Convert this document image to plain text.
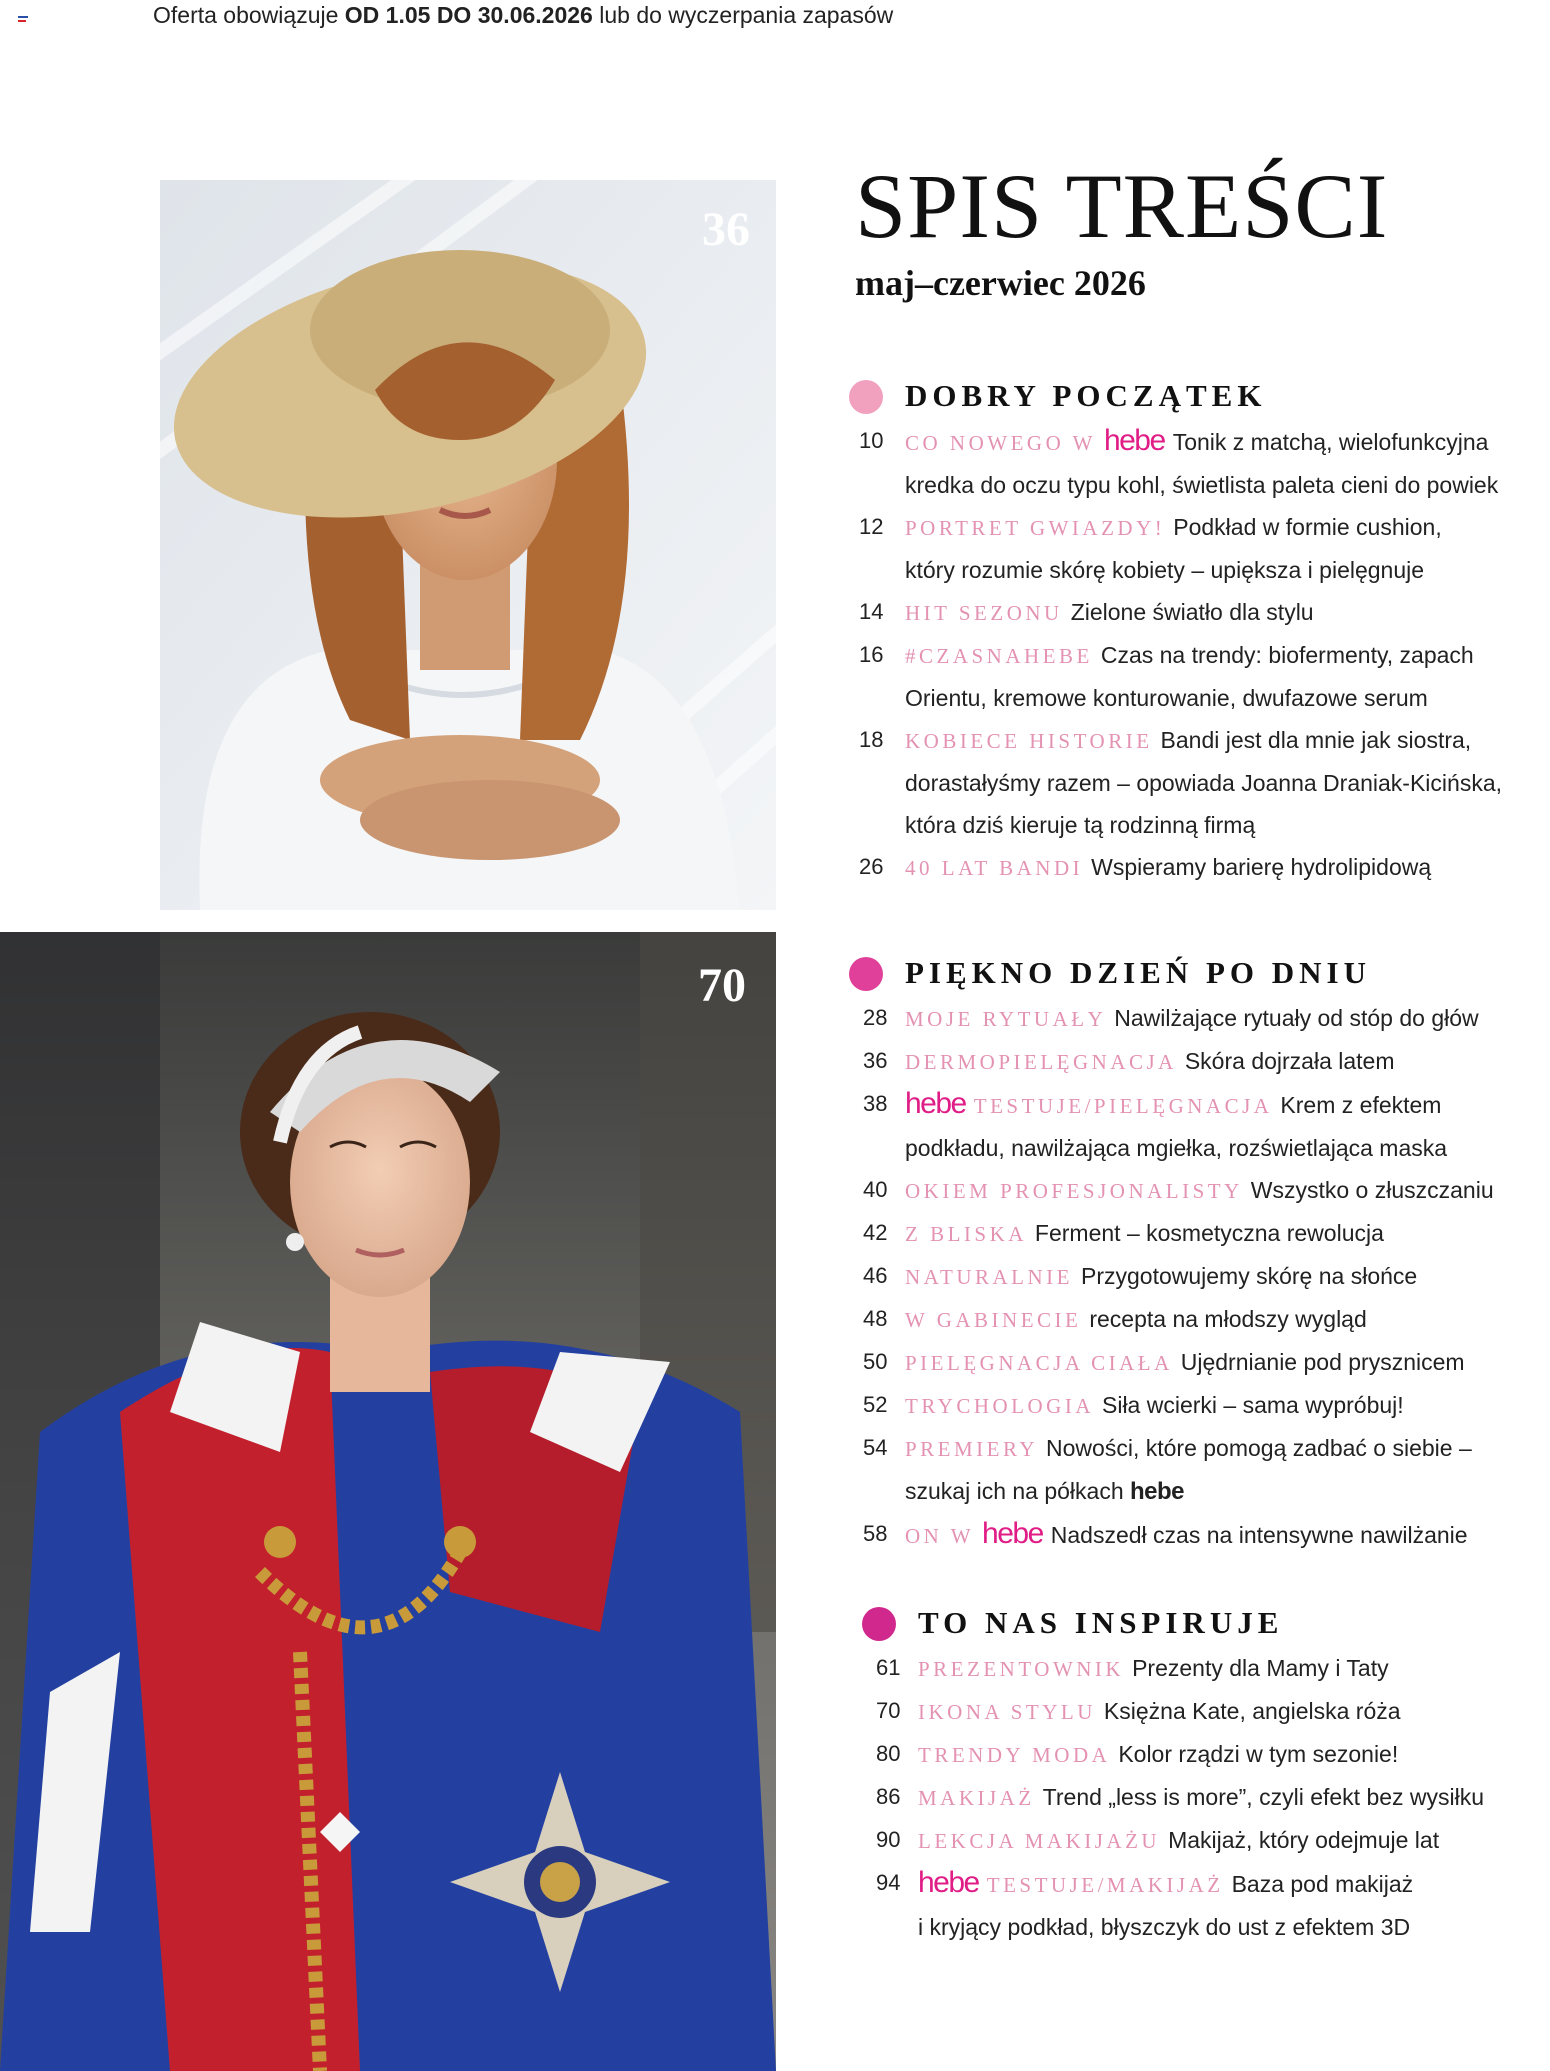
Oferta obowiązuje OD 1.05 DO 30.06.2026 lub do wyczerpania zapasów
36
70
SPIS TREŚCI
maj–czerwiec 2026
DOBRY POCZĄTEK
10 CO NOWEGO W hebe Tonik z matchą, wielofunkcyjna
kredka do oczu typu kohl, świetlista paleta cieni do powiek
12 PORTRET GWIAZDY! Podkład w formie cushion,
który rozumie skórę kobiety – upiększa i pielęgnuje
14 HIT SEZONU Zielone światło dla stylu
16 #CZASNAHEBE Czas na trendy: biofermenty, zapach
Orientu, kremowe konturowanie, dwufazowe serum
18 KOBIECE HISTORIE Bandi jest dla mnie jak siostra,
dorastałyśmy razem – opowiada Joanna Draniak-Kicińska,
która dziś kieruje tą rodzinną firmą
26 40 LAT BANDI Wspieramy barierę hydrolipidową
PIĘKNO DZIEŃ PO DNIU
28 MOJE RYTUAŁY Nawilżające rytuały od stóp do głów
36 DERMOPIELĘGNACJA Skóra dojrzała latem
38 hebe TESTUJE/PIELĘGNACJA Krem z efektem
podkładu, nawilżająca mgiełka, rozświetlająca maska
40 OKIEM PROFESJONALISTY Wszystko o złuszczaniu
42 Z BLISKA Ferment – kosmetyczna rewolucja
46 NATURALNIE Przygotowujemy skórę na słońce
48 W GABINECIE recepta na młodszy wygląd
50 PIELĘGNACJA CIAŁA Ujędrnianie pod prysznicem
52 TRYCHOLOGIA Siła wcierki – sama wypróbuj!
54 PREMIERY Nowości, które pomogą zadbać o siebie –
szukaj ich na półkach hebe
58 ON W hebe Nadszedł czas na intensywne nawilżanie
TO NAS INSPIRUJE
61 PREZENTOWNIK Prezenty dla Mamy i Taty
70 IKONA STYLU Księżna Kate, angielska róża
80 TRENDY MODA Kolor rządzi w tym sezonie!
86 MAKIJAŻ Trend „less is more”, czyli efekt bez wysiłku
90 LEKCJA MAKIJAŻU Makijaż, który odejmuje lat
94 hebe TESTUJE/MAKIJAŻ Baza pod makijaż
i kryjący podkład, błyszczyk do ust z efektem 3D
